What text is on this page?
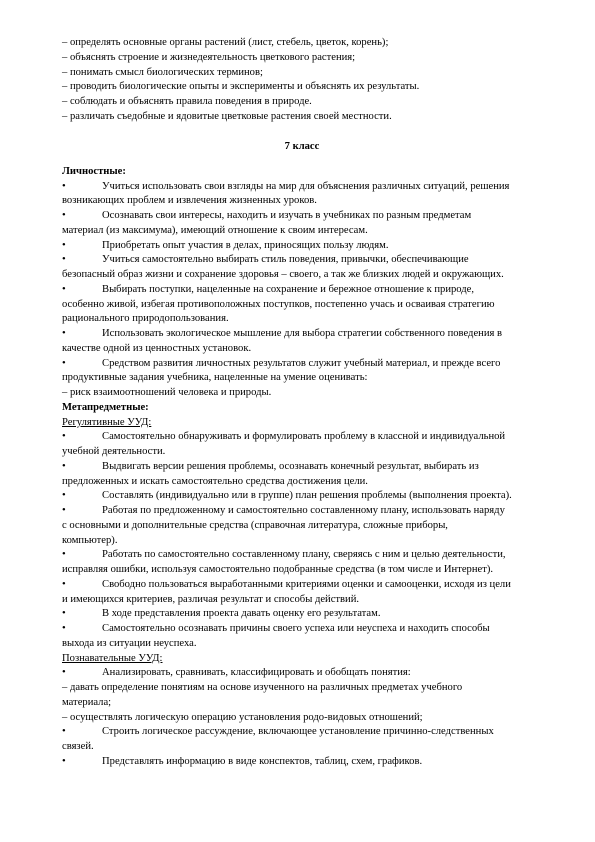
– определять основные органы растений (лист, стебель, цветок, корень);

– объяснять строение и жизнедеятельность цветкового растения;

– понимать смысл биологических терминов;

– проводить биологические опыты и эксперименты и объяснять их результаты.

– соблюдать и объяснять правила поведения в природе.

– различать съедобные и ядовитые цветковые растения своей местности.

7 класс

Личностные:

•	Учиться использовать свои взгляды на мир для объяснения различных ситуаций, решения

возникающих проблем и извлечения жизненных уроков.

•	Осознавать свои интересы, находить и изучать в учебниках по разным предметам

материал (из максимума), имеющий отношение к своим интересам.

•	Приобретать опыт участия в делах, приносящих пользу людям.
•	Учиться самостоятельно выбирать стиль поведения, привычки, обеспечивающие

безопасный образ жизни и сохранение здоровья – своего, а так же близких людей и окружающих.

•	Выбирать поступки, нацеленные на сохранение и бережное отношение к природе,

особенно живой, избегая противоположных поступков, постепенно учась и осваивая стратегию

рационального природопользования.

•	Использовать экологическое мышление для выбора стратегии собственного поведения в

качестве одной из ценностных установок.

•	Средством развития личностных результатов служит учебный материал, и прежде всего

продуктивные задания учебника, нацеленные на умение оценивать:

– риск взаимоотношений человека и природы.

Метапредметные:

Регулятивные УУД:

•	Самостоятельно обнаруживать и формулировать проблему в классной и индивидуальной

учебной деятельности.

•	Выдвигать версии решения проблемы, осознавать конечный результат, выбирать из

предложенных и искать самостоятельно средства достижения цели.

•	Составлять (индивидуально или в группе) план решения проблемы (выполнения проекта).
•	Работая по предложенному и самостоятельно составленному плану, использовать наряду

с основными и дополнительные средства (справочная литература, сложные приборы,

компьютер).

•	Работать по самостоятельно составленному плану, сверяясь с ним и целью деятельности,

исправляя ошибки, используя самостоятельно подобранные средства (в том числе и Интернет).

•	Свободно пользоваться выработанными критериями оценки и самооценки, исходя из цели

и имеющихся критериев, различая результат и способы действий.

•	В ходе представления проекта давать оценку его результатам.
•	Самостоятельно осознавать причины своего успеха или неуспеха и находить способы

выхода из ситуации неуспеха.

Познавательные УУД:

•	Анализировать, сравнивать, классифицировать и обобщать понятия:

– давать определение понятиям на основе изученного на различных предметах учебного

материала;

– осуществлять логическую операцию установления родо-видовых отношений;

•	Строить логическое рассуждение, включающее установление причинно-следственных

связей.

•	Представлять информацию в виде конспектов, таблиц, схем, графиков.
